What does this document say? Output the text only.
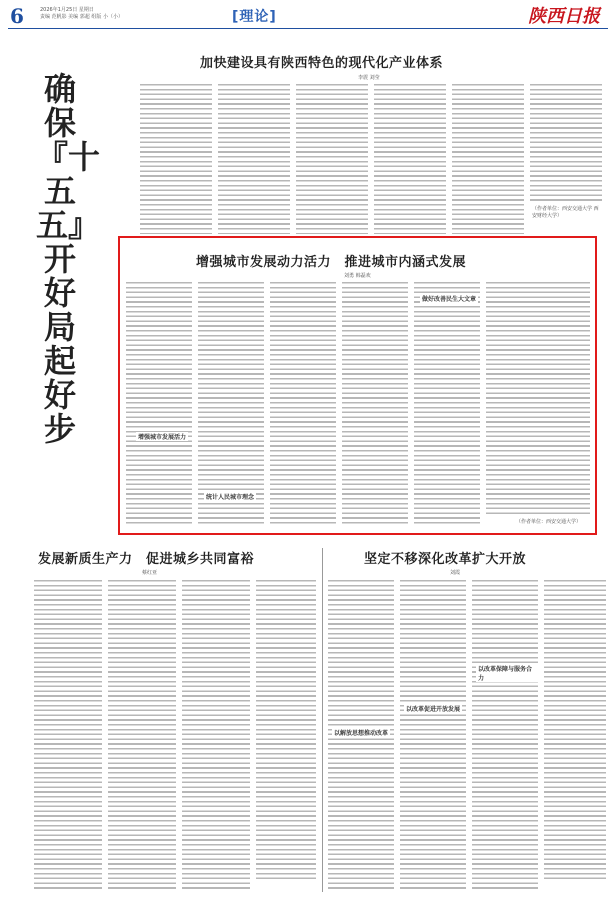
6	2026年1月25日 星期日
责编 范帆影 美编 郭超 组版 小（小）	[理论]	陕西日报
确保『十五五』开好局起好步
加快建设具有陕西特色的现代化产业体系
李震 刘莹
（作者单位：西安交通大学 西安财经大学）
增强城市发展动力活力　推进城市内涵式发展
刘勇 韩磊欢
增强城市发展活力
统计人民城市理念
做好改善民生大文章
（作者单位：西安交通大学）
发展新质生产力　促进城乡共同富裕
蔡红亚
坚定不移深化改革扩大开放
刘霞
以解放思想推动改革
以改革促进开放发展
以改革保障与服务合力
